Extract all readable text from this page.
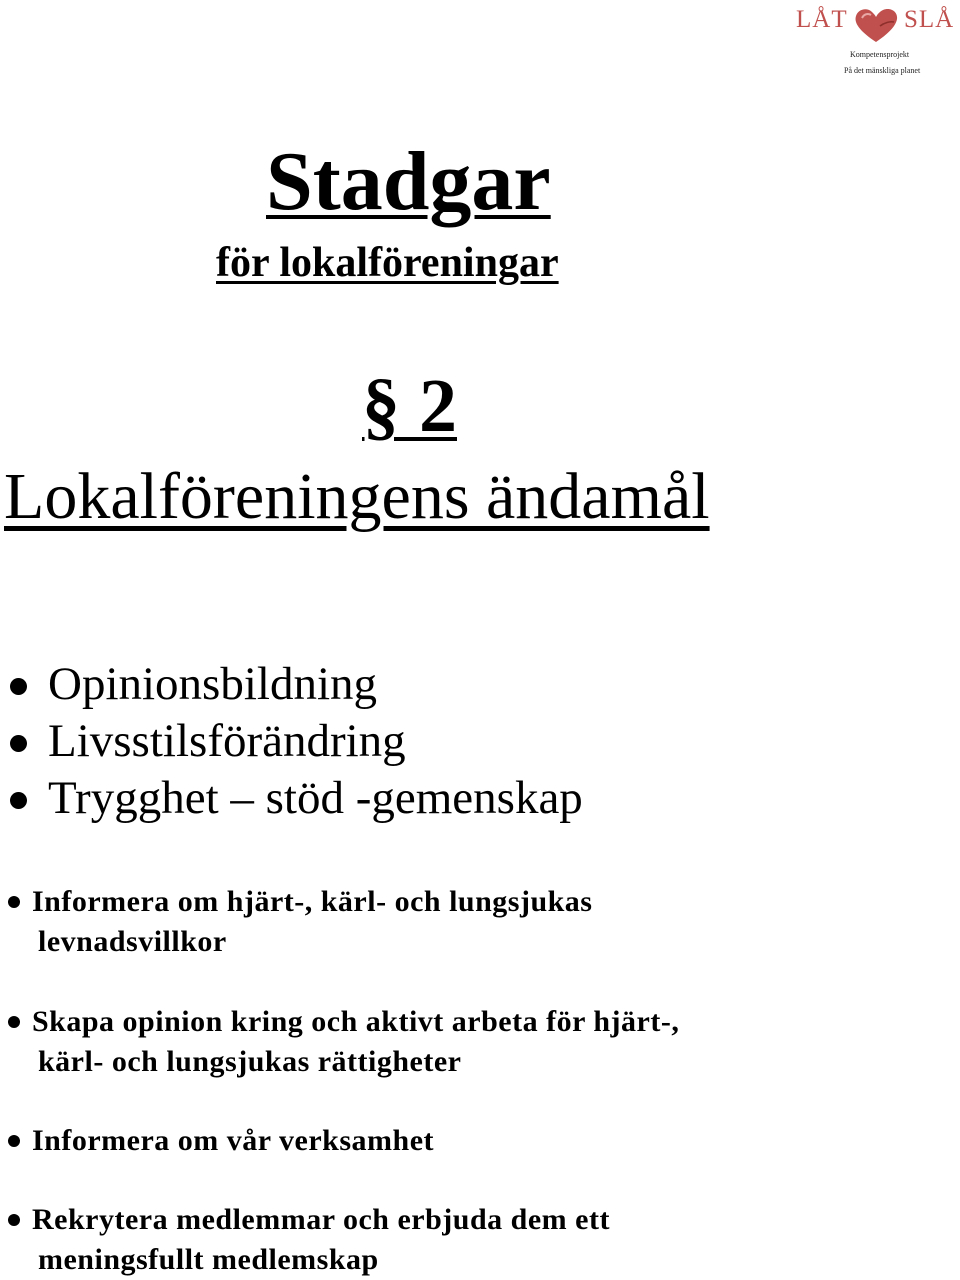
LÅT SLÅ
Kompetensprojekt
På det mänskliga planet
Stadgar
för lokalföreningar
§ 2
Lokalföreningens ändamål
Opinionsbildning
Livsstilsförändring
Trygghet – stöd -gemenskap
Informera om hjärt-, kärl- och lungsjukas
levnadsvillkor
Skapa opinion kring och aktivt arbeta för hjärt-,
kärl- och lungsjukas rättigheter
Informera om vår verksamhet
Rekrytera medlemmar och erbjuda dem ett
meningsfullt medlemskap
